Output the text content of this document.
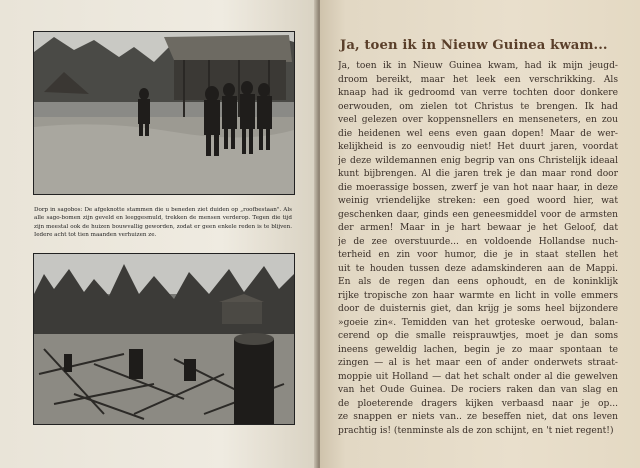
Dorp in sagobos: De afgeknotte stammen die u beneden ziet duiden op „roofbestaan". Als alle sago-bomen zijn geveld en leeggesmuld, trekken de mensen verderop. Tegen die tijd zijn meestal ook de huizen bouwvallig geworden, zodat er geen enkele reden is te blijven. Iedere acht tot tien maanden verhuizen ze.

Ja, toen ik in Nieuw Guinea kwam...

Ja, toen ik in Nieuw Guinea kwam, had ik mijn jeugd-
droom bereikt, maar het leek een verschrikking. Als
knaap had ik gedroomd van verre tochten door donkere
oerwouden, om zielen tot Christus te brengen. Ik had
veel gelezen over koppensnellers en menseneters, en zou
die heidenen wel eens even gaan dopen! Maar de wer-
kelijkheid is zo eenvoudig niet! Het duurt jaren, voordat
je deze wildemannen enig begrip van ons Christelijk ideaal
kunt bijbrengen. Al die jaren trek je dan maar rond door
die moerassige bossen, zwerf je van hot naar haar, in deze
weinig vriendelijke streken: een goed woord hier, wat
geschenken daar, ginds een geneesmiddel voor de armsten
der armen! Maar in je hart bewaar je het Geloof, dat
je de zee overstuurde... en voldoende Hollandse nuch-
terheid en zin voor humor, die je in staat stellen het
uit te houden tussen deze adamskinderen aan de Mappi.
En als de regen dan eens ophoudt, en de koninklijk
rijke tropische zon haar warmte en licht in volle emmers
door de duisternis giet, dan krijg je soms heel bijzondere
»goeie zin«. Temidden van het groteske oerwoud, balan-
cerend op die smalle reisprauwtjes, moet je dan soms
ineens geweldig lachen, begin je zo maar spontaan te
zingen — al is het maar een of ander onderwets straat-
moppie uit Holland — dat het schalt onder al die gewelven
van het Oude Guinea. De rociers raken dan van slag en
de ploeterende dragers kijken verbaasd naar je op...
ze snappen er niets van.. ze beseffen niet, dat ons leven
prachtig is! (tenminste als de zon schijnt, en 't niet regent!)
